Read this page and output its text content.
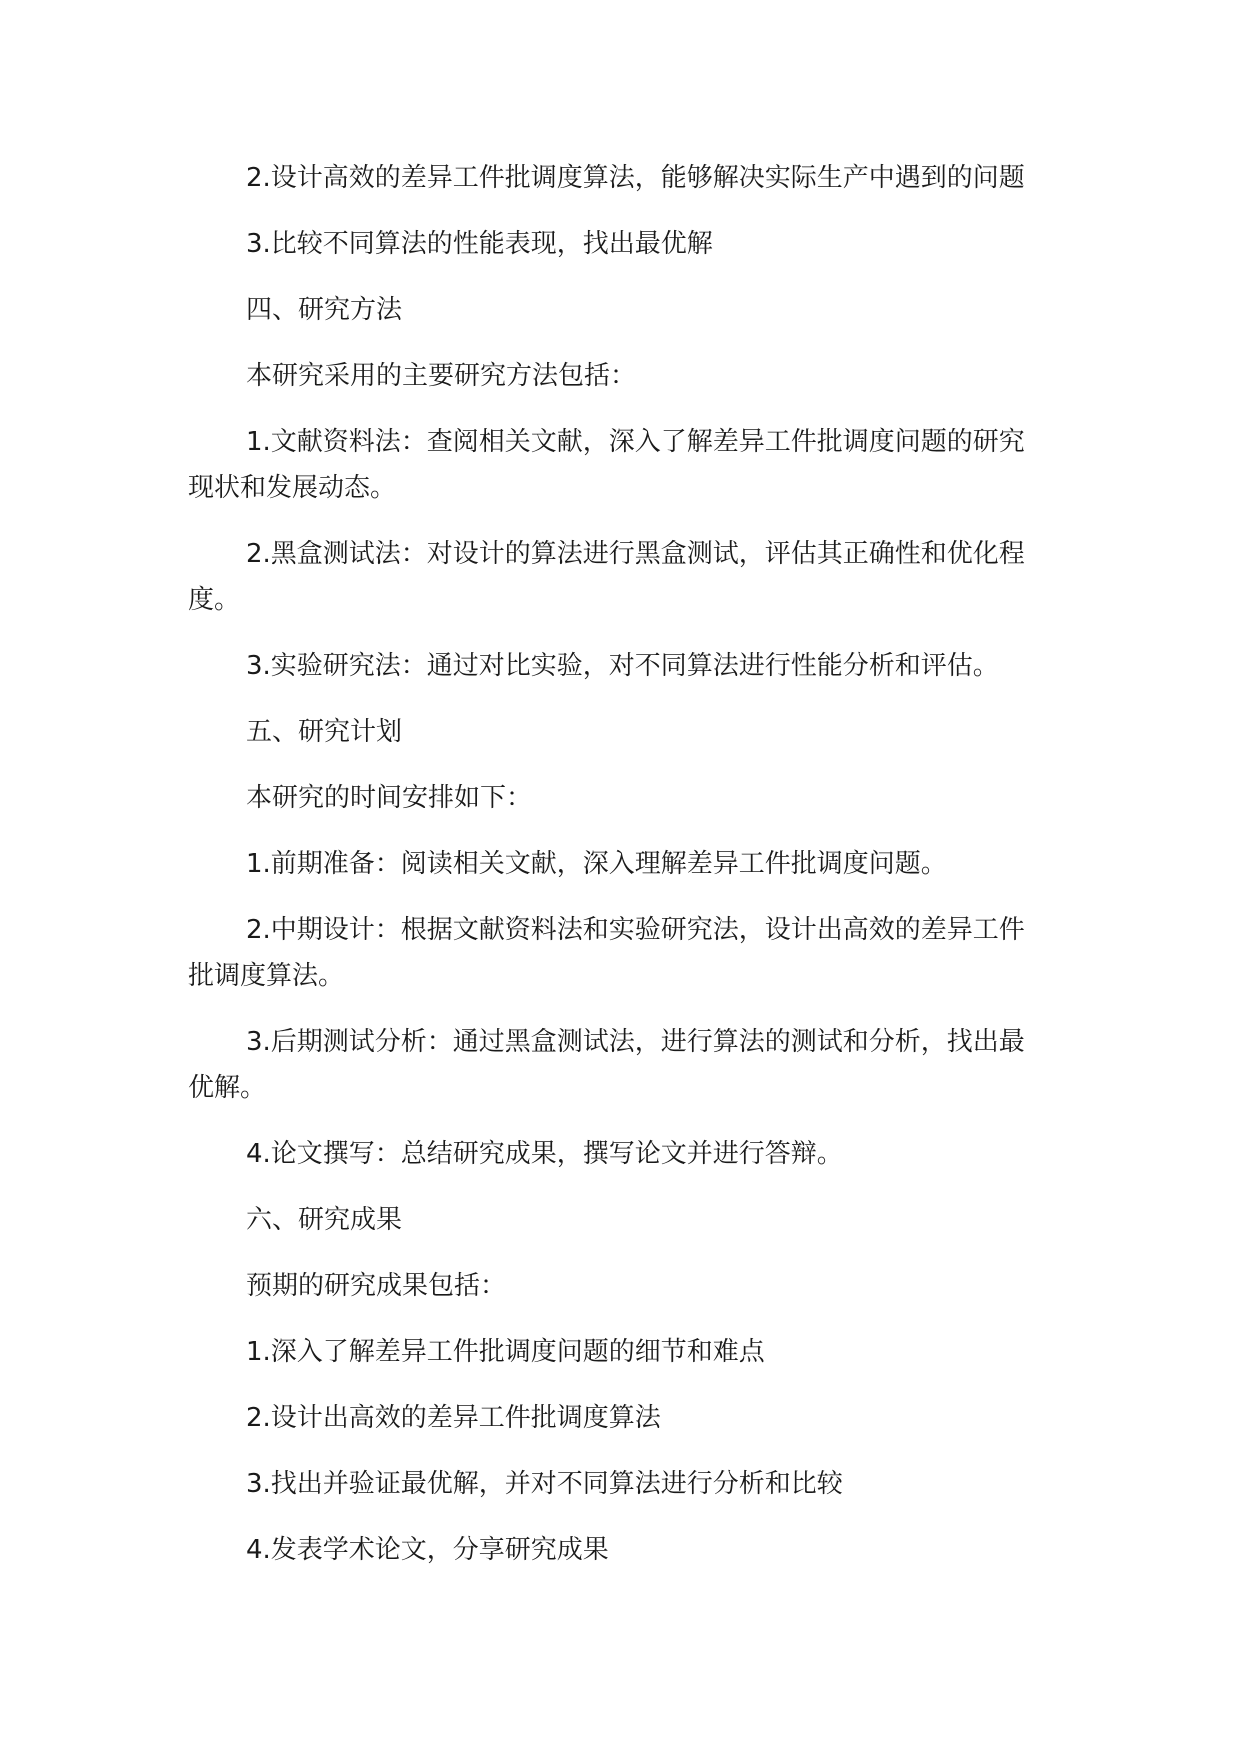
2.设计高效的差异工件批调度算法，能够解决实际生产中遇到的问题

3.比较不同算法的性能表现，找出最优解

四、研究方法

本研究采用的主要研究方法包括：

1.文献资料法：查阅相关文献，深入了解差异工件批调度问题的研究现状和发展动态。

2.黑盒测试法：对设计的算法进行黑盒测试，评估其正确性和优化程度。

3.实验研究法：通过对比实验，对不同算法进行性能分析和评估。

五、研究计划

本研究的时间安排如下：

1.前期准备：阅读相关文献，深入理解差异工件批调度问题。

2.中期设计：根据文献资料法和实验研究法，设计出高效的差异工件批调度算法。

3.后期测试分析：通过黑盒测试法，进行算法的测试和分析，找出最优解。

4.论文撰写：总结研究成果，撰写论文并进行答辩。

六、研究成果

预期的研究成果包括：

1.深入了解差异工件批调度问题的细节和难点

2.设计出高效的差异工件批调度算法

3.找出并验证最优解，并对不同算法进行分析和比较

4.发表学术论文，分享研究成果
